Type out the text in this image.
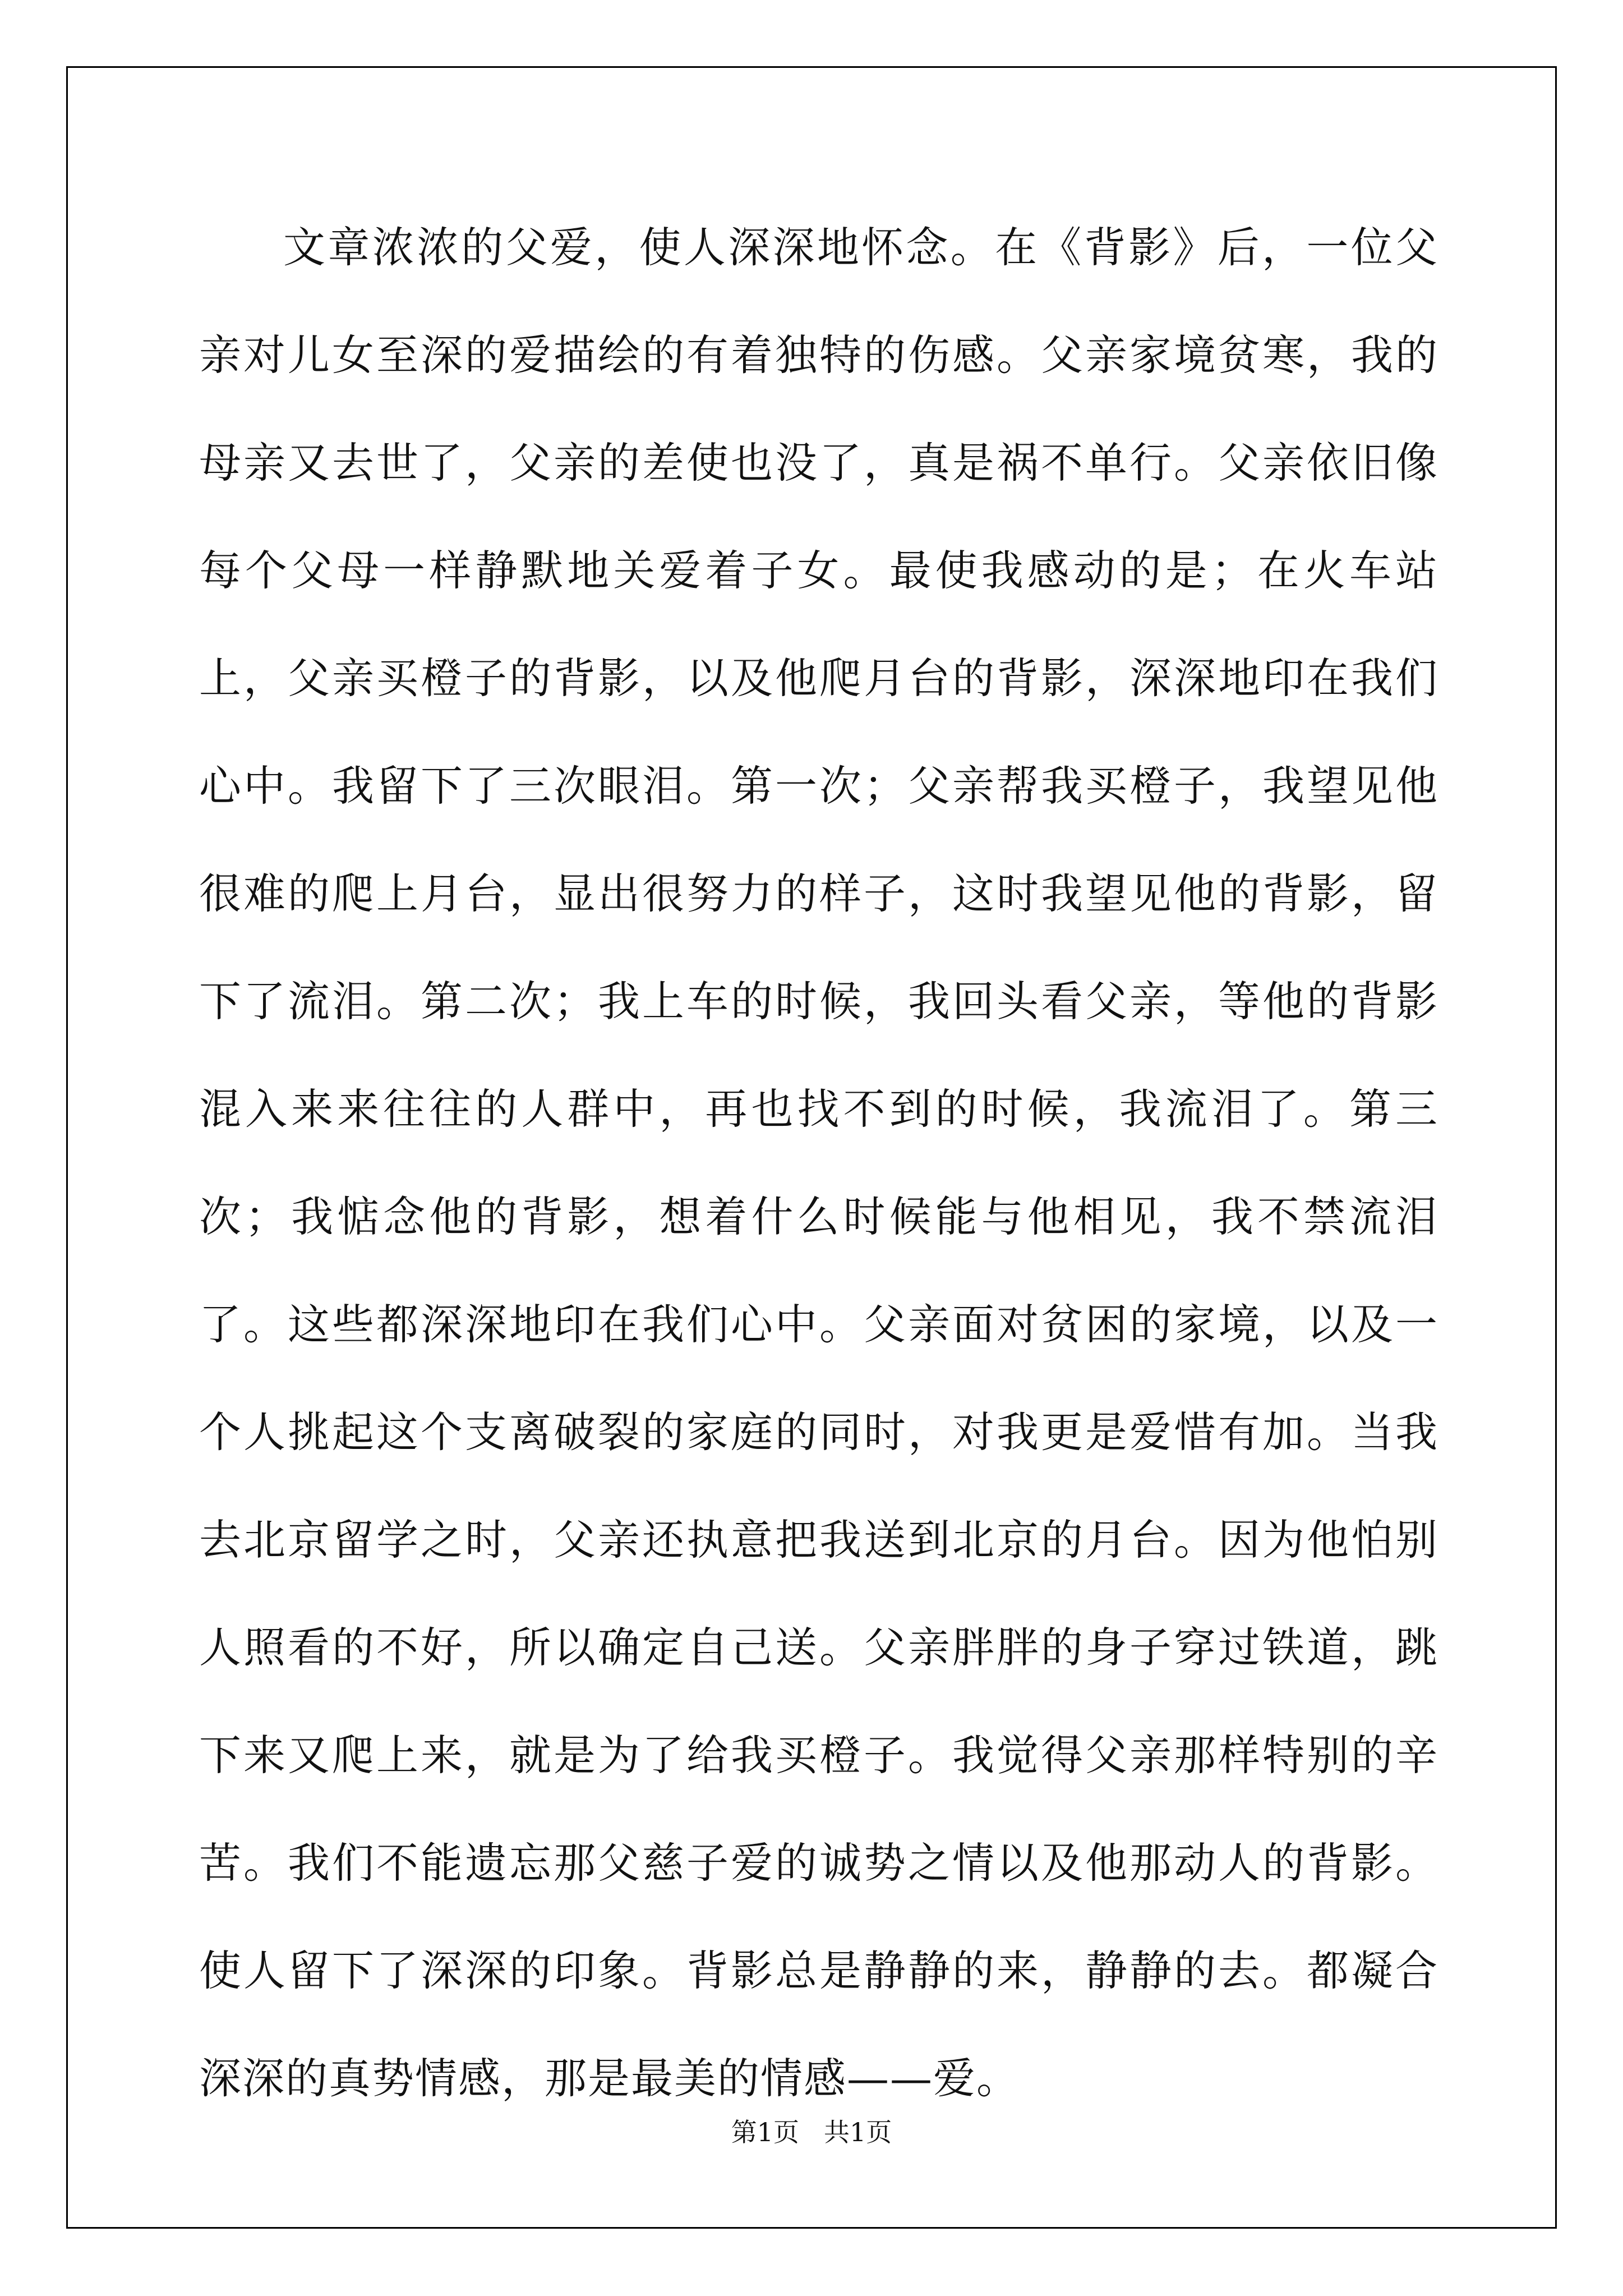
文章浓浓的父爱，使人深深地怀念。在《背影》后，一位父亲对儿女至深的爱描绘的有着独特的伤感。父亲家境贫寒，我的母亲又去世了，父亲的差使也没了，真是祸不单行。父亲依旧像每个父母一样静默地关爱着子女。最使我感动的是；在火车站上，父亲买橙子的背影，以及他爬月台的背影，深深地印在我们心中。我留下了三次眼泪。第一次；父亲帮我买橙子，我望见他很难的爬上月台，显出很努力的样子，这时我望见他的背影，留下了流泪。第二次；我上车的时候，我回头看父亲，等他的背影混入来来往往的人群中，再也找不到的时候，我流泪了。第三次；我惦念他的背影，想着什么时候能与他相见，我不禁流泪了。这些都深深地印在我们心中。父亲面对贫困的家境，以及一个人挑起这个支离破裂的家庭的同时，对我更是爱惜有加。当我去北京留学之时，父亲还执意把我送到北京的月台。因为他怕别人照看的不好，所以确定自己送。父亲胖胖的身子穿过铁道，跳下来又爬上来，就是为了给我买橙子。我觉得父亲那样特别的辛苦。我们不能遗忘那父慈子爱的诚势之情以及他那动人的背影。使人留下了深深的印象。背影总是静静的来，静静的去。都凝合深深的真势情感，那是最美的情感——爱。

第1页 共1页
